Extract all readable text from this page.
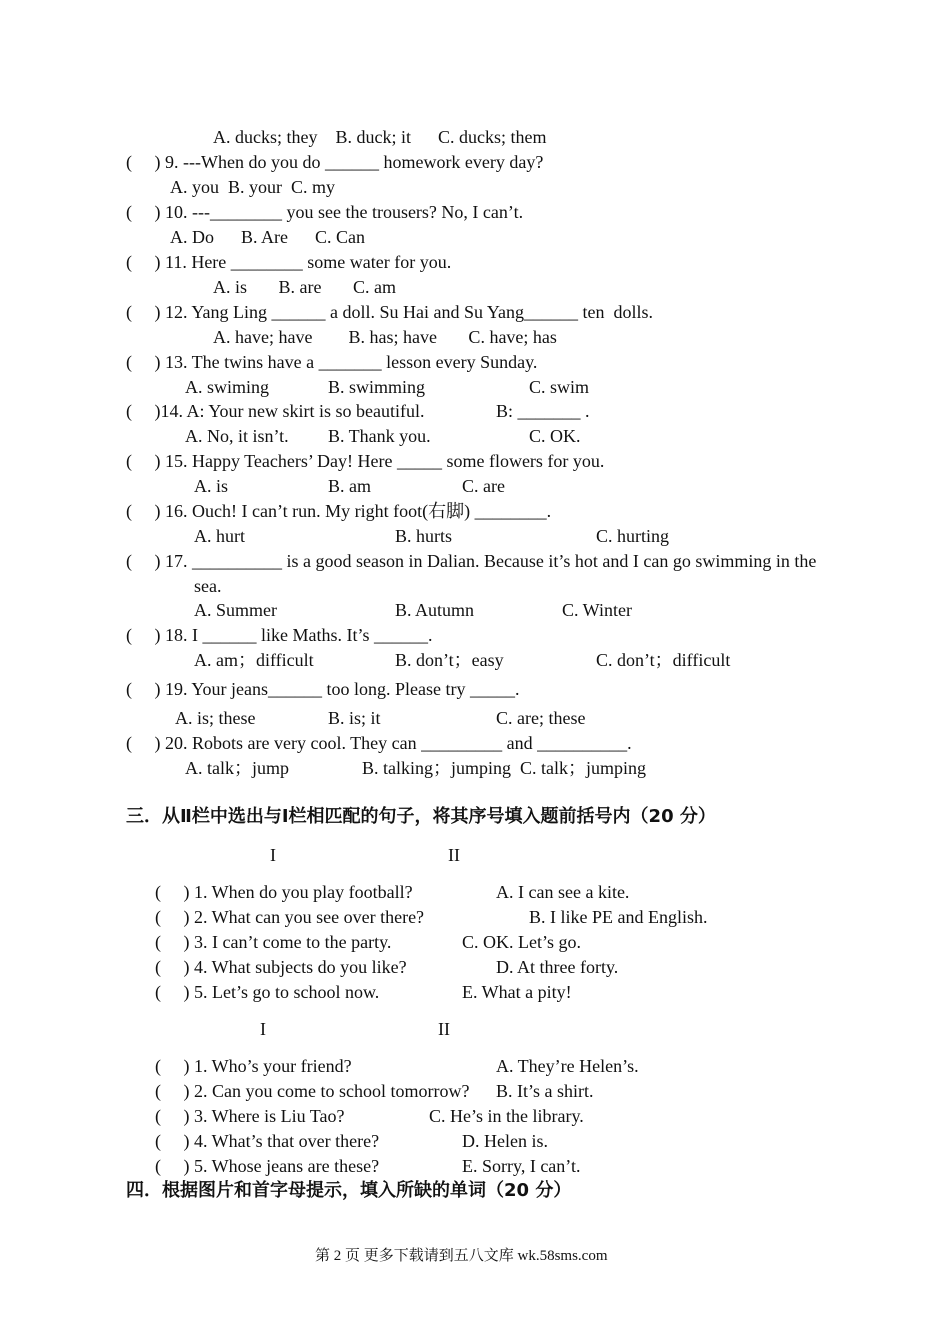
A. ducks; they    B. duck; it      C. ducks; them
(     ) 9. ---When do you do ______ homework every day?
A. you  B. your  C. my
(     ) 10. ---________ you see the trousers? No, I can’t.
A. Do      B. Are      C. Can
(     ) 11. Here ________ some water for you.
A. is       B. are       C. am
(     ) 12. Yang Ling ______ a doll. Su Hai and Su Yang______ ten  dolls.
A. have; have        B. has; have       C. have; has
(     ) 13. The twins have a _______ lesson every Sunday.
A. swiming	B. swimming	C. swim
(     )14. A: Your new skirt is so beautiful.	B: _______ .
A. No, it isn’t. B. Thank you.	C. OK.
(     ) 15. Happy Teachers’ Day! Here _____ some flowers for you.
A. is	B. am	C. are
(     ) 16. Ouch! I can’t run. My right foot(右脚) ________.
A. hurt	B. hurts	C. hurting
(     ) 17. __________ is a good season in Dalian. Because it’s hot and I can go swimming in the
sea.
A. Summer	B. Autumn	C. Winter
(     ) 18. I ______ like Maths. It’s ______.
A. am；difficult	B. don’t；easy	C. don’t；difficult
(     ) 19. Your jeans______ too long. Please try _____.
A. is; these	B. is; it	C. are; these
(     ) 20. Robots are very cool. They can _________ and __________.
A. talk；jump	B. talking；jumping  C. talk；jumping
三．从Ⅱ栏中选出与Ⅰ栏相匹配的句子，将其序号填入题前括号内（20 分）
I	II
(     ) 1. When do you play football?	A. I can see a kite.
(     ) 2. What can you see over there?	B. I like PE and English.
(     ) 3. I can’t come to the party.	C. OK. Let’s go.
(     ) 4. What subjects do you like?	D. At three forty.
(     ) 5. Let’s go to school now.	E. What a pity!
I	II
(     ) 1. Who’s your friend?	A. They’re Helen’s.
(     ) 2. Can you come to school tomorrow? B. It’s a shirt.
(     ) 3. Where is Liu Tao?	C. He’s in the library.
(     ) 4. What’s that over there?	D. Helen is.
(     ) 5. Whose jeans are these?	E. Sorry, I can’t.
四．根据图片和首字母提示，填入所缺的单词（20 分）
第 2 页 更多下载请到五八文库 wk.58sms.com
